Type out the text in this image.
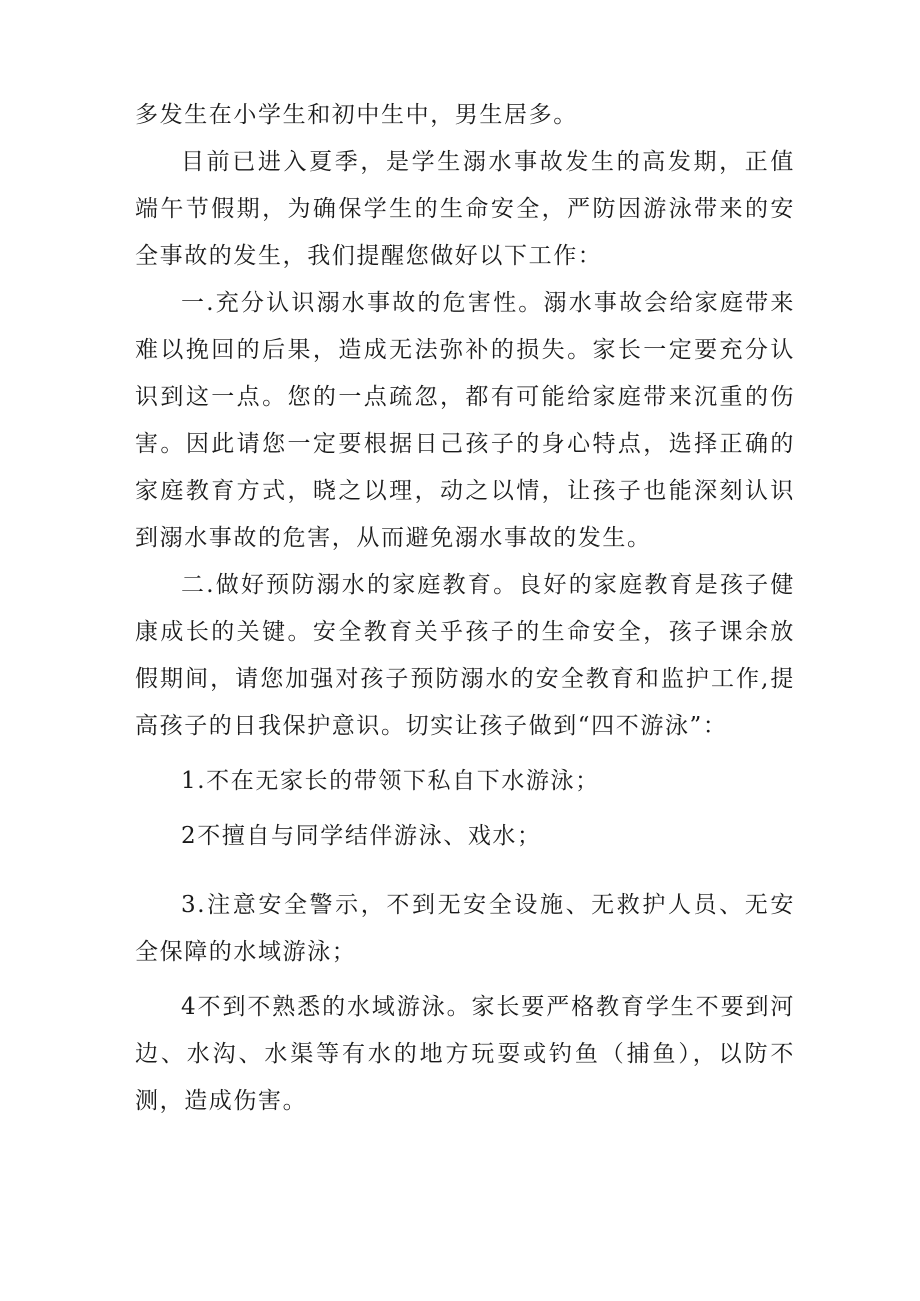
多发生在小学生和初中生中，男生居多。

目前已进入夏季，是学生溺水事故发生的高发期，正值端午节假期，为确保学生的生命安全，严防因游泳带来的安全事故的发生，我们提醒您做好以下工作：

一.充分认识溺水事故的危害性。溺水事故会给家庭带来难以挽回的后果，造成无法弥补的损失。家长一定要充分认识到这一点。您的一点疏忽，都有可能给家庭带来沉重的伤害。因此请您一定要根据日己孩子的身心特点，选择正确的家庭教育方式，晓之以理，动之以情，让孩子也能深刻认识到溺水事故的危害，从而避免溺水事故的发生。

二.做好预防溺水的家庭教育。良好的家庭教育是孩子健康成长的关键。安全教育关乎孩子的生命安全，孩子课余放假期间，请您加强对孩子预防溺水的安全教育和监护工作,提高孩子的日我保护意识。切实让孩子做到“四不游泳”：

1.不在无家长的带领下私自下水游泳；

2不擅自与同学结伴游泳、戏水；

3.注意安全警示，不到无安全设施、无救护人员、无安全保障的水域游泳；

4不到不熟悉的水域游泳。家长要严格教育学生不要到河边、水沟、水渠等有水的地方玩耍或钓鱼（捕鱼），以防不测，造成伤害。
